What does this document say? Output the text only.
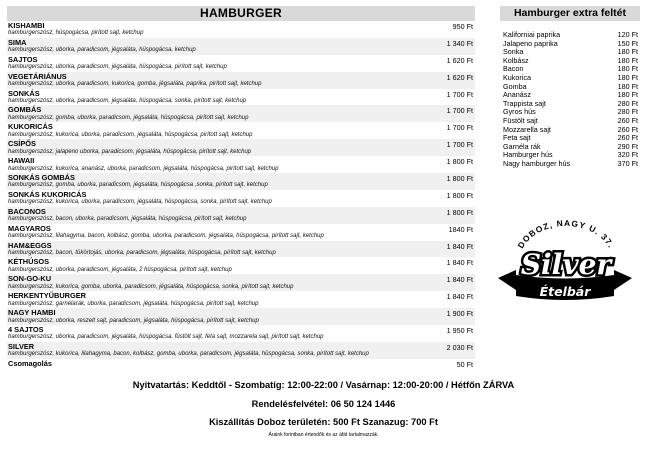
HAMBURGER
KISHAMBI
hamburgerszósz, hüspogácsa, pirított sajt, ketchup
950 Ft
SIMA
hamburgerszósz, uborka, paradicsom, jégsaláta, hüspogácsa, ketchup
1 340 Ft
SAJTOS
hamburgerszósz, uborka, paradicsom, jégsaláta, hüspogácsa, pirított sajt, ketchup
1 620 Ft
VEGETÁRIÁNUS
hamburgerszósz, uborka, paradicsom, kukorica, gomba, jégsaláta, paprika, pirított sajt, ketchup
1 620 Ft
SONKÁS
hamburgerszósz, uborka, paradicsom, jégsaláta, hüspogácsa, sonka, pirított sajt, ketchup
1 700 Ft
GOMBÁS
hamburgerszósz, gomba, uborka, paradicsom, jégsaláta, hüspogácsa, pirított sajt, ketchup
1 700 Ft
KUKORICÁS
hamburgerszósz, kukorica, uborka, paradicsom, jégsaláta, hüspogácsa, pirított sajt, ketchup
1 700 Ft
CSÍPŐS
hamburgerszósz, jalapeno uborka, paradicsom, jégsaláta, hüspogácsa, pirított sajt, ketchup
1 700 Ft
HAWAII
hamburgerszósz, kukorica, ananász, uborka, paradicsom, jégsaláta, hüspogácsa, pirított sajt, ketchup
1 800 Ft
SONKÁS GOMBÁS
hamburgerszósz, gomba, uborka, paradicsom, jégsaláta, hüspogácsa ,sonka, pirított sajt, ketchup
1 800 Ft
SONKÁS KUKORICÁS
hamburgerszósz, kukorica, uborka, paradicsom, jégsaláta, hüspogácsa, sonka, pirított sajt, ketchup
1 800 Ft
BACONOS
hamburgerszósz, bacon, uborka, paradicsom, jégsaláta, hüspogácsa, pirított sajt, ketchup
1 800 Ft
MAGYAROS
hamburgerszósz, lilahagyma, bacon, kolbász, gomba, uborka, paradicsom, jégsaláta, hüspogácsa, pirított sajt, ketchup
1840 Ft
HAM&EGGS
hamburgerszósz, bacon, tükörtojás, uborka, paradicsom, jégsaláta, hüspogácsa, pirított sajt, ketchup
1 840 Ft
KÉTHÚSOS
hamburgerszósz, uborka, paradicsom, jégsaláta, 2 hüspogácsa, pirított sajt, ketchup
1 840 Ft
SON-GO-KU
hamburgerszósz, kukorica, gomba, uborka, paradicsom, jégsaláta, hüspogácsa, sonka, pirított sajt, ketchup
1 840 Ft
HERKENTYŰBURGER
hamburgerszósz, garnélarák, uborka, paradicsom, jégsaláta, hüspogácsa, pirított sajt, ketchup
1 840 Ft
NAGY HAMBI
hamburgerszósz, uborka, reszelt sajt, paradicsom, jégsaláta, hüspogácsa, pirított sajt, ketchup
1 900 Ft
4 SAJTOS
hamburgerszósz, uborka, paradicsom, jégsaláta, hüspogácsa, füstölt sajt, feta sajt, mozzarela sajt, pirított sajt, ketchup
1 950 Ft
SILVER
hamburgerszósz, kukorica, lilahagyma, bacon, kolbász, gomba, uborka, paradicsom, jégsaláta, hüspogácsa, sonka, pirított sajt, ketchup
2 030 Ft
Csomagolás	50 Ft
Hamburger extra feltét
Kaliforniai paprika	120 Ft
Jalapeno paprika	150 Ft
Sonka	180 Ft
Kolbász	180 Ft
Bacon	180 Ft
Kukorica	180 Ft
Gomba	180 Ft
Ananász	180 Ft
Trappista sajt	280 Ft
Gyros hús	280 Ft
Füstölt sajt	260 Ft
Mozzarella sajt	260 Ft
Feta sajt	260 Ft
Garnéla rák	290 Ft
Hamburger hús	320 Ft
Nagy hamburger hús	370 Ft
DOBOZ, NAGY U. 37.
Silver
Ételbár
Nyitvatartás: Keddtől - Szombatig: 12:00-22:00 / Vasárnap: 12:00-20:00 / Hétfőn ZÁRVA
Rendelésfelvétel: 06 50 124 1446
Kiszállítás Doboz területén: 500 Ft Szanazug: 700 Ft
Áraink forintban értendők és az áfát tartalmazzák.
